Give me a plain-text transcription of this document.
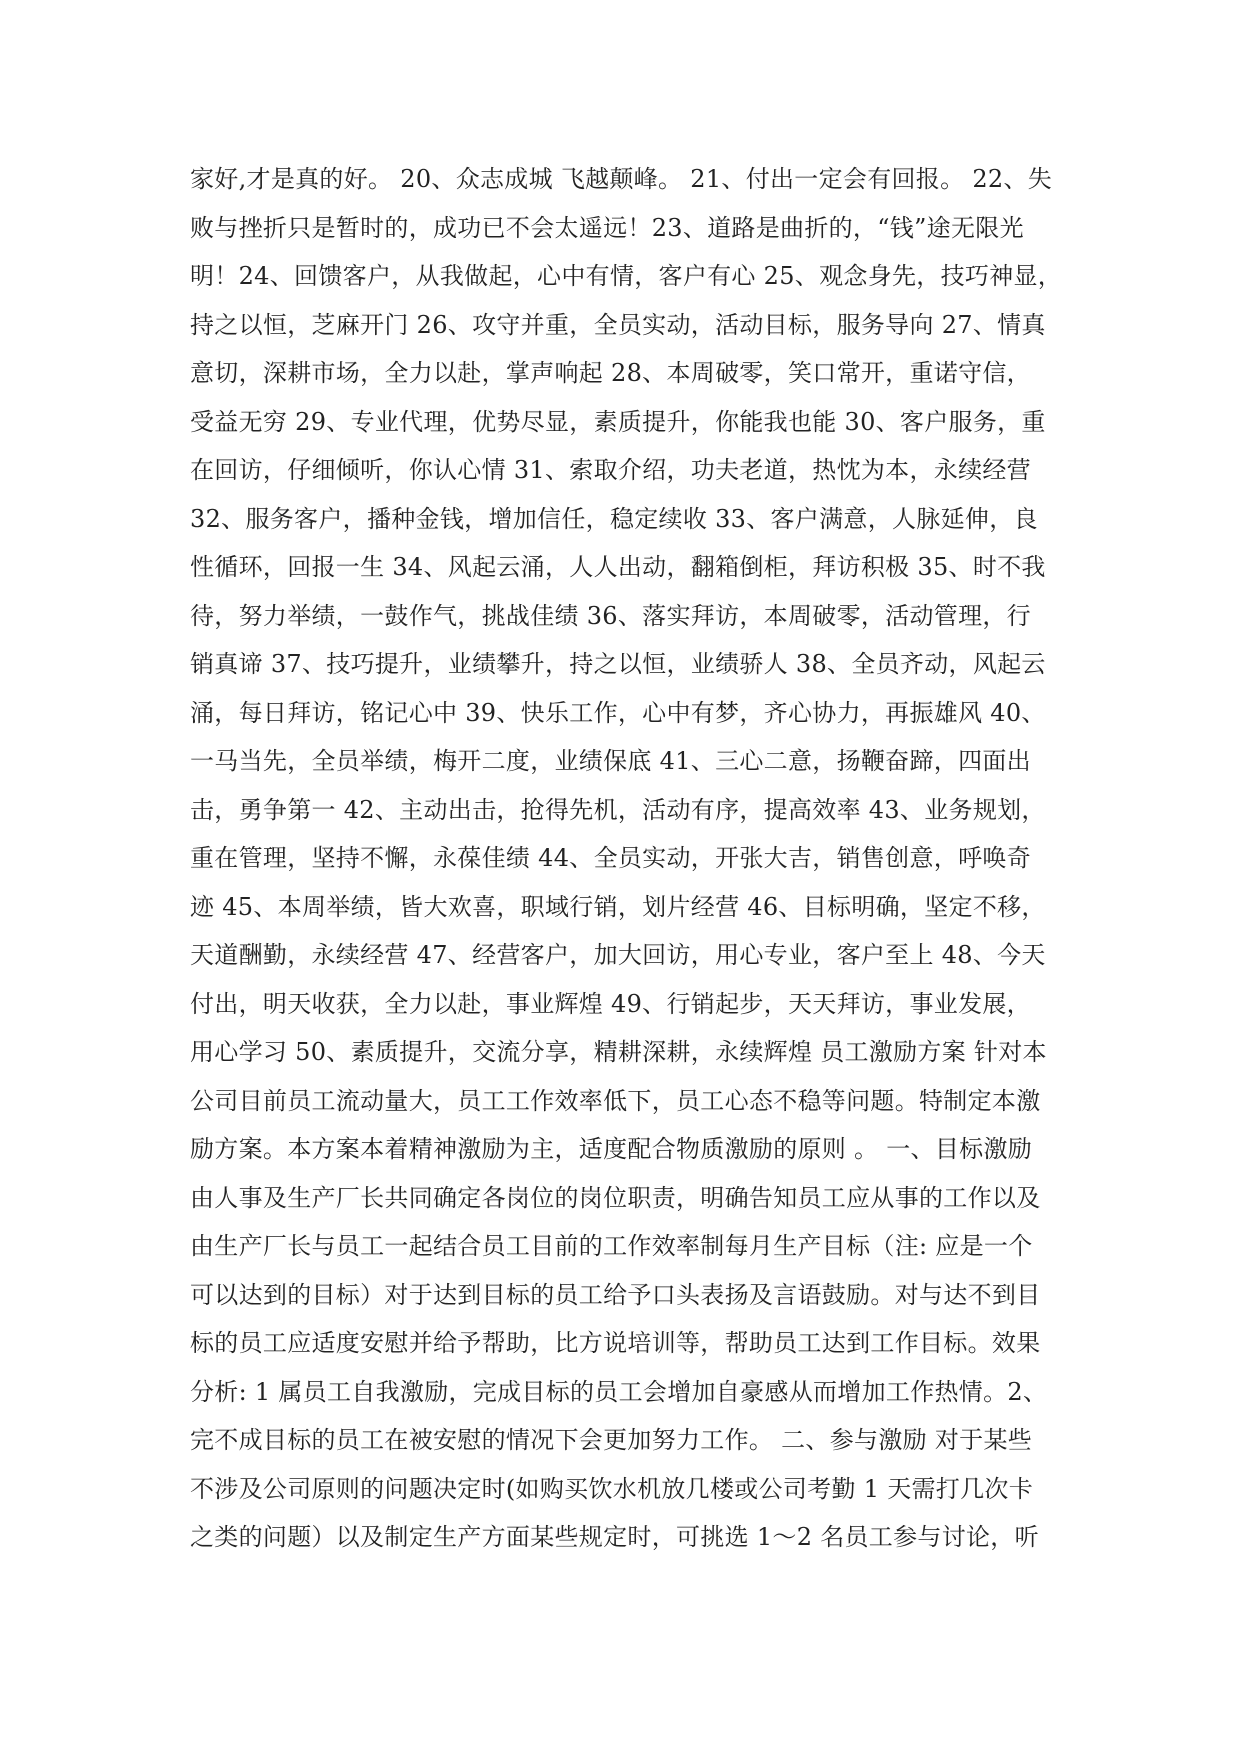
家好,才是真的好。 20、众志成城 飞越颠峰。 21、付出一定会有回报。 22、失
败与挫折只是暂时的，成功已不会太遥远！23、道路是曲折的，“钱”途无限光
明！24、回馈客户，从我做起，心中有情，客户有心 25、观念身先，技巧神显，
持之以恒，芝麻开门 26、攻守并重，全员实动，活动目标，服务导向 27、情真
意切，深耕市场，全力以赴，掌声响起 28、本周破零，笑口常开，重诺守信，
受益无穷 29、专业代理，优势尽显，素质提升，你能我也能 30、客户服务，重
在回访，仔细倾听，你认心情 31、索取介绍，功夫老道，热忱为本，永续经营
32、服务客户，播种金钱，增加信任，稳定续收 33、客户满意，人脉延伸，良
性循环，回报一生 34、风起云涌，人人出动，翻箱倒柜，拜访积极 35、时不我
待，努力举绩，一鼓作气，挑战佳绩 36、落实拜访，本周破零，活动管理，行
销真谛 37、技巧提升，业绩攀升，持之以恒，业绩骄人 38、全员齐动，风起云
涌，每日拜访，铭记心中 39、快乐工作，心中有梦，齐心协力，再振雄风 40、
一马当先，全员举绩，梅开二度，业绩保底 41、三心二意，扬鞭奋蹄，四面出
击，勇争第一 42、主动出击，抢得先机，活动有序，提高效率 43、业务规划，
重在管理，坚持不懈，永葆佳绩 44、全员实动，开张大吉，销售创意，呼唤奇
迹 45、本周举绩，皆大欢喜，职域行销，划片经营 46、目标明确，坚定不移，
天道酬勤，永续经营 47、经营客户，加大回访，用心专业，客户至上 48、今天
付出，明天收获，全力以赴，事业辉煌 49、行销起步，天天拜访，事业发展，
用心学习 50、素质提升，交流分享，精耕深耕，永续辉煌 员工激励方案 针对本
公司目前员工流动量大，员工工作效率低下，员工心态不稳等问题。特制定本激
励方案。本方案本着精神激励为主，适度配合物质激励的原则 。 一、目标激励
由人事及生产厂长共同确定各岗位的岗位职责，明确告知员工应从事的工作以及
由生产厂长与员工一起结合员工目前的工作效率制每月生产目标（注: 应是一个
可以达到的目标）对于达到目标的员工给予口头表扬及言语鼓励。对与达不到目
标的员工应适度安慰并给予帮助，比方说培训等，帮助员工达到工作目标。效果
分析: 1 属员工自我激励，完成目标的员工会增加自豪感从而增加工作热情。2、
完不成目标的员工在被安慰的情况下会更加努力工作。 二、参与激励 对于某些
不涉及公司原则的问题决定时(如购买饮水机放几楼或公司考勤 1 天需打几次卡
之类的问题）以及制定生产方面某些规定时，可挑选 1～2 名员工参与讨论，听
